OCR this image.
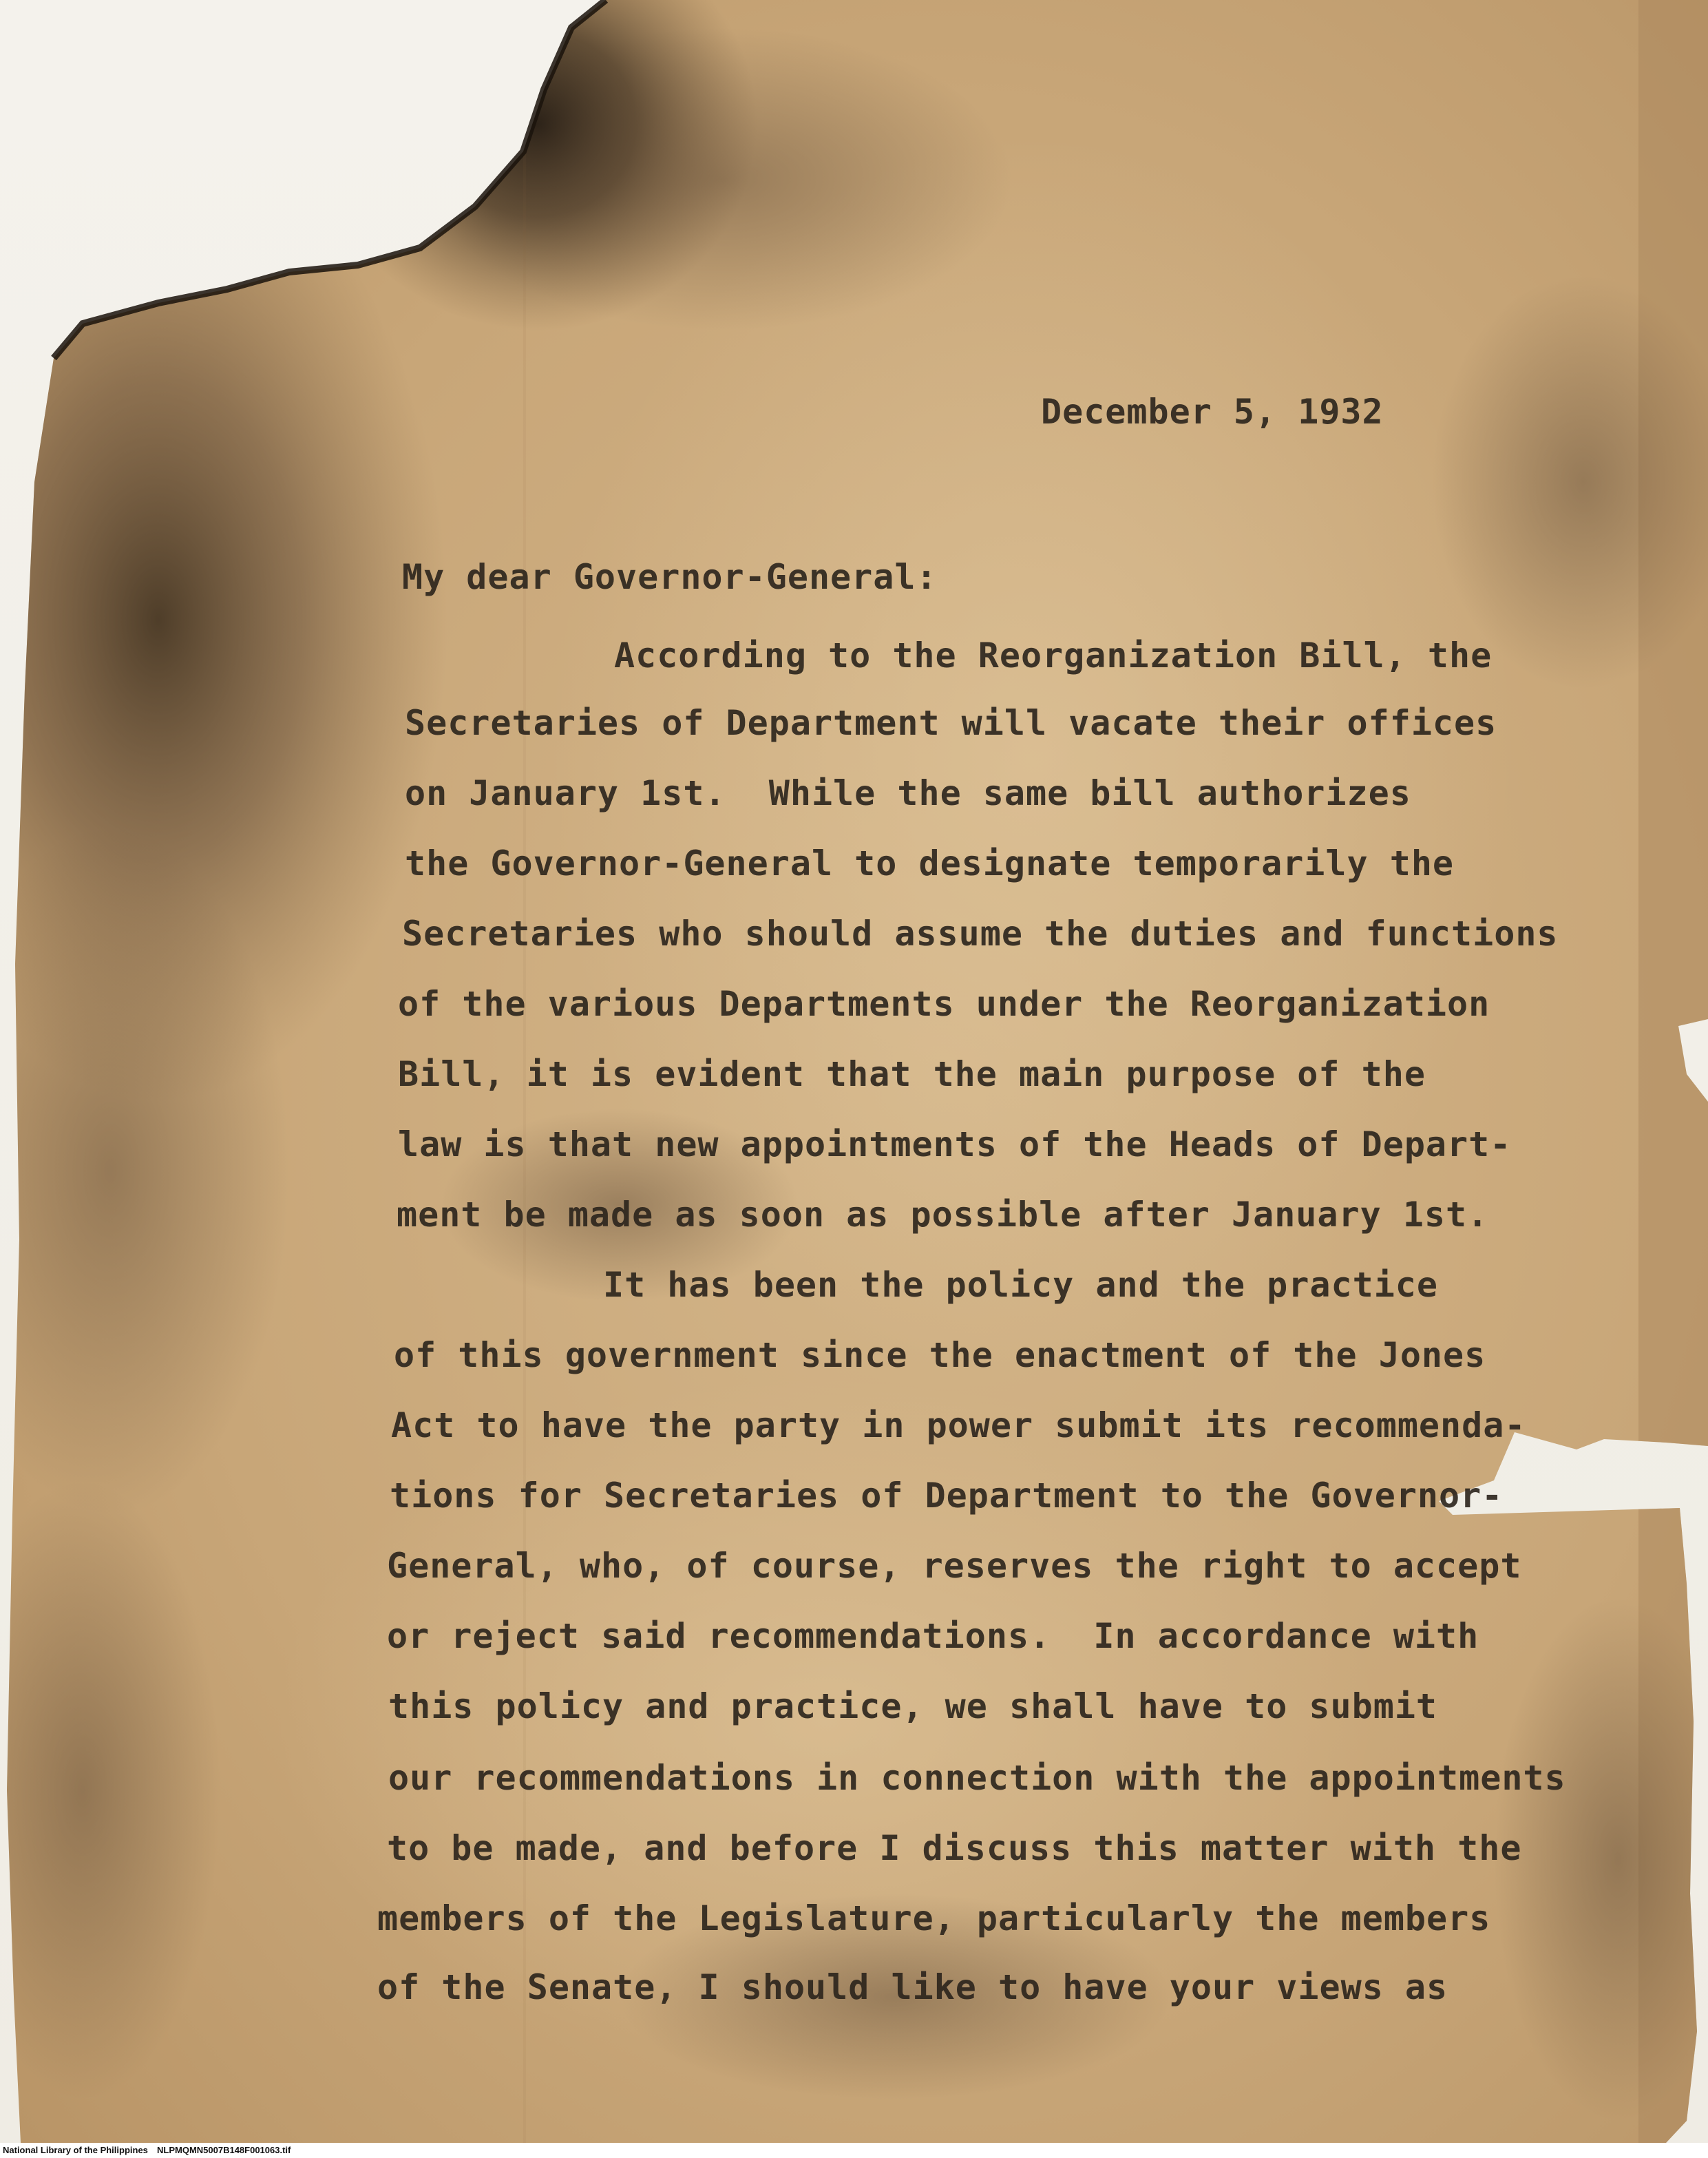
December 5, 1932
My dear Governor-General:
According to the Reorganization Bill, the
Secretaries of Department will vacate their offices
on January 1st.  While the same bill authorizes
the Governor-General to designate temporarily the
Secretaries who should assume the duties and functions
of the various Departments under the Reorganization
Bill, it is evident that the main purpose of the
law is that new appointments of the Heads of Depart-
ment be made as soon as possible after January 1st.
It has been the policy and the practice
of this government since the enactment of the Jones
Act to have the party in power submit its recommenda-
tions for Secretaries of Department to the Governor-
General, who, of course, reserves the right to accept
or reject said recommendations.  In accordance with
this policy and practice, we shall have to submit
our recommendations in connection with the appointments
to be made, and before I discuss this matter with the
members of the Legislature, particularly the members
of the Senate, I should like to have your views as
National Library of the Philippines NLPMQMN5007B148F001063.tif
